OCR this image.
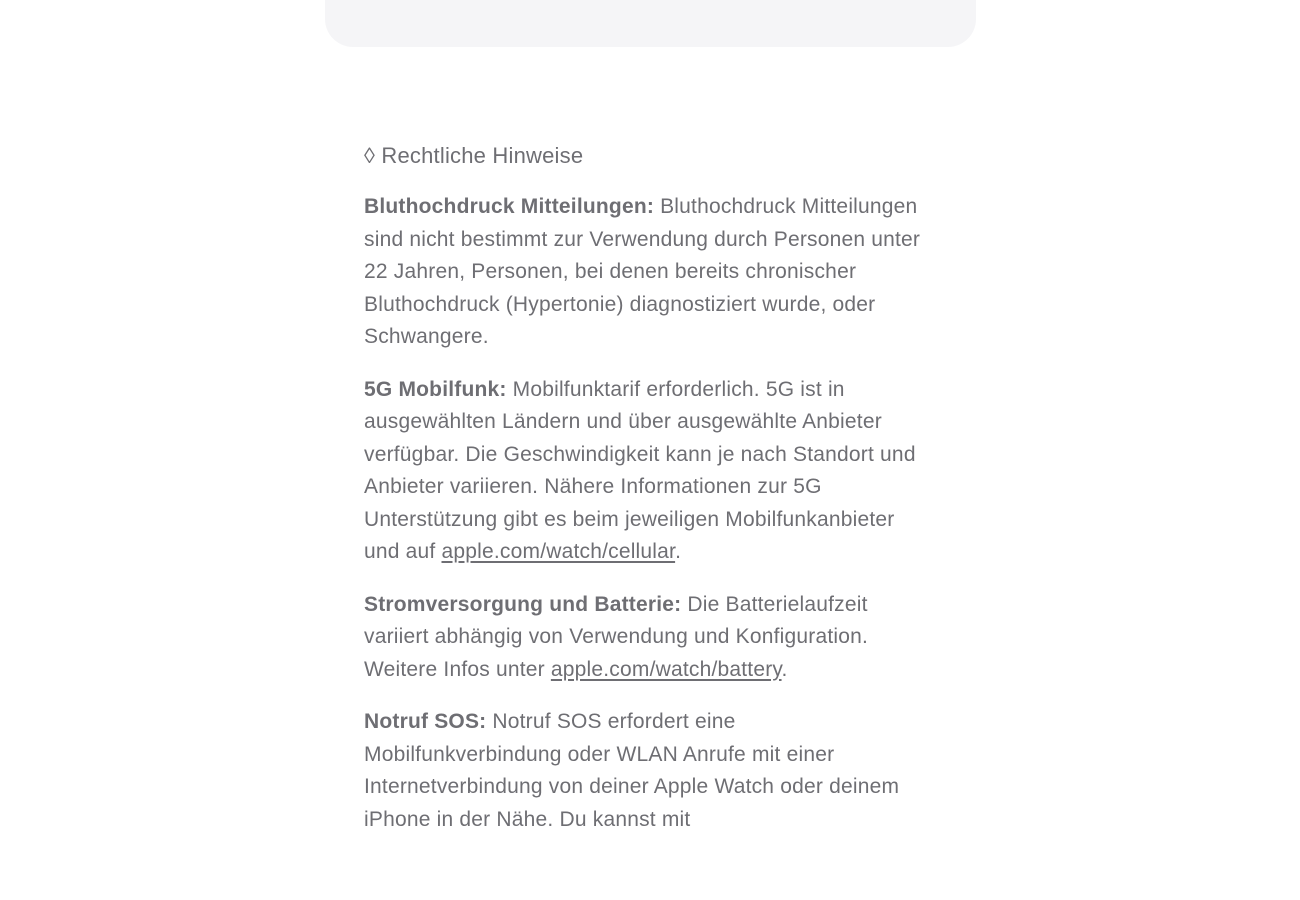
◊ Rechtliche Hinweise

Bluthochdruck Mitteilungen: Bluthochdruck Mitteilungen sind nicht bestimmt zur Verwendung durch Personen unter 22 Jahren, Personen, bei denen bereits chronischer Bluthochdruck (Hypertonie) diagnostiziert wurde, oder Schwangere.

5G Mobilfunk: Mobilfunktarif erforderlich. 5G ist in ausgewählten Ländern und über ausgewählte Anbieter verfügbar. Die Geschwindigkeit kann je nach Standort und Anbieter variieren. Nähere Informationen zur 5G Unterstützung gibt es beim jeweiligen Mobilfunkanbieter und auf apple.com/watch/cellular.

Stromversorgung und Batterie: Die Batterielaufzeit variiert abhängig von Verwendung und Konfiguration. Weitere Infos unter apple.com/watch/battery.

Notruf SOS: Notruf SOS erfordert eine Mobilfunkverbindung oder WLAN Anrufe mit einer Internetverbindung von deiner Apple Watch oder deinem iPhone in der Nähe. Du kannst mit
